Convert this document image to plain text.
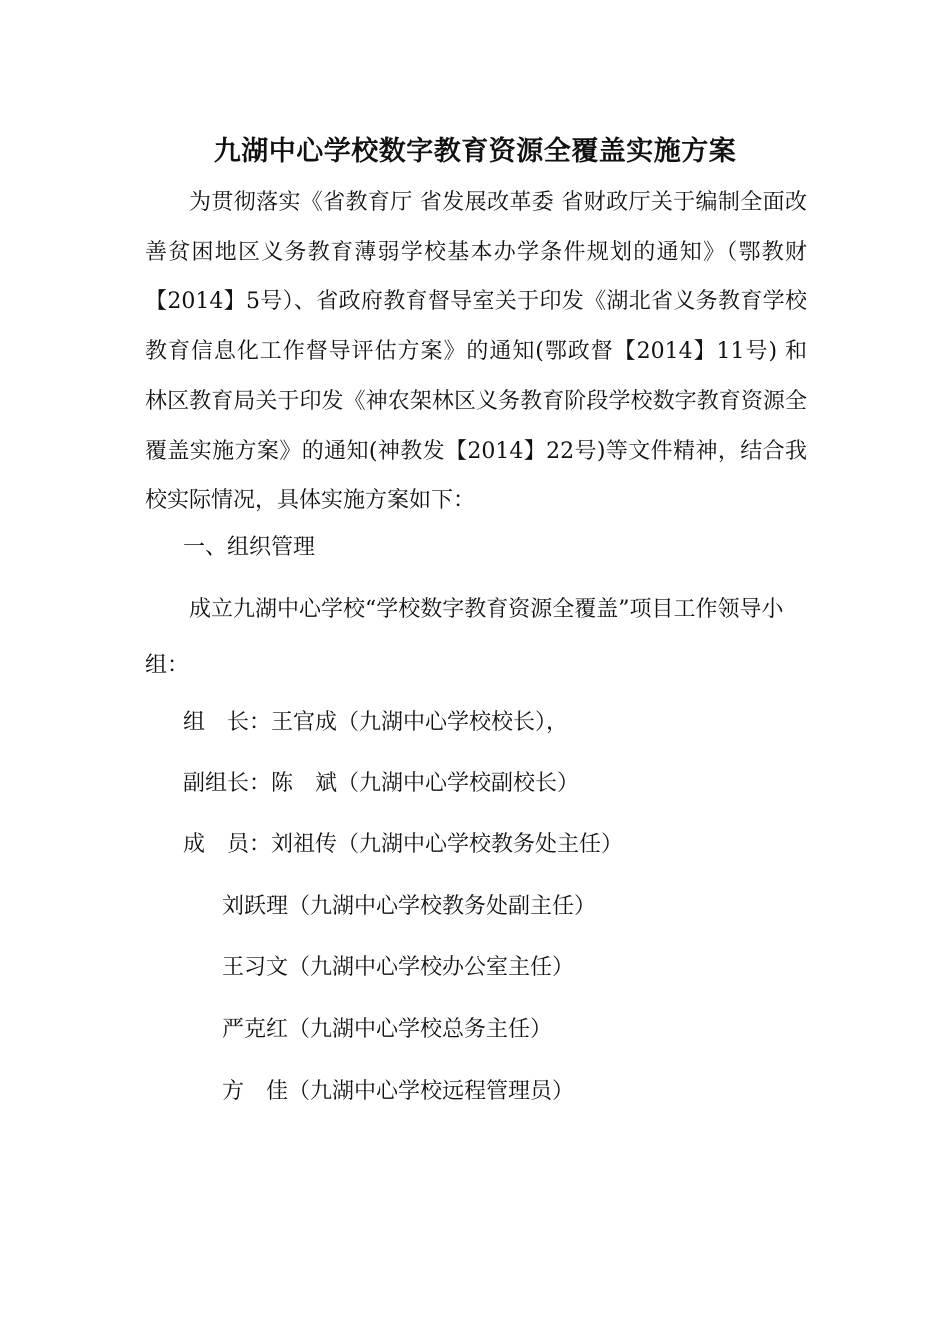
九湖中心学校数字教育资源全覆盖实施方案

为贯彻落实《省教育厅 省发展改革委 省财政厅关于编制全面改善贫困地区义务教育薄弱学校基本办学条件规划的通知》（鄂教财【2014】5号）、省政府教育督导室关于印发《湖北省义务教育学校教育信息化工作督导评估方案》的通知(鄂政督【2014】11号) 和 林区教育局关于印发《神农架林区义务教育阶段学校数字教育资源全覆盖实施方案》的通知(神教发【2014】22号)等文件精神，结合我校实际情况，具体实施方案如下：

一、组织管理

成立九湖中心学校“学校数字教育资源全覆盖”项目工作领导小组：

组　长：王官成（九湖中心学校校长），

副组长：陈　斌（九湖中心学校副校长）

成　员：刘祖传（九湖中心学校教务处主任）

刘跃理（九湖中心学校教务处副主任）

王习文（九湖中心学校办公室主任）

严克红（九湖中心学校总务主任）

方　佳（九湖中心学校远程管理员）
